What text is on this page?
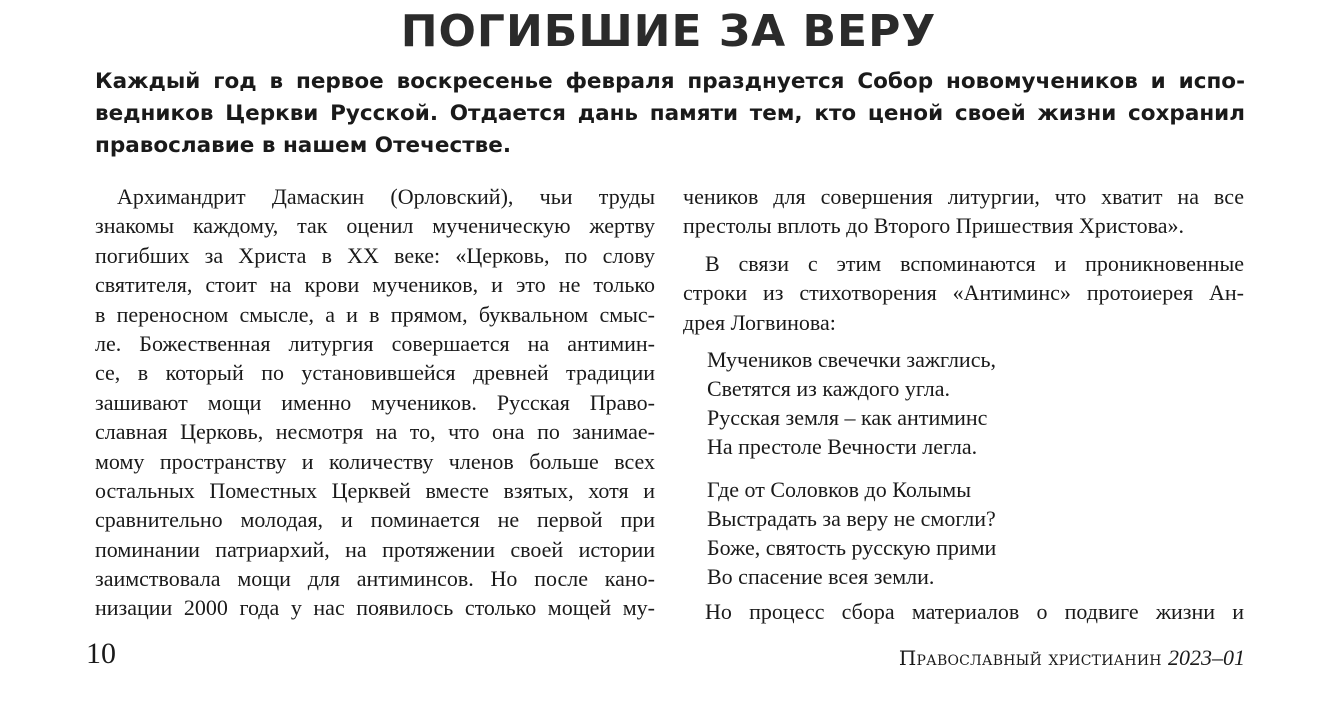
ПОГИБШИЕ ЗА ВЕРУ
Каждый год в первое воскресенье февраля празднуется Собор новомучеников и испо-
ведников Церкви Русской. Отдается дань памяти тем, кто ценой своей жизни сохранил
православие в нашем Отечестве.
Архимандрит Дамаскин (Орловский), чьи труды
знакомы каждому, так оценил мученическую жертву
погибших за Христа в XX веке: «Церковь, по слову
святителя, стоит на крови мучеников, и это не только
в переносном смысле, а и в прямом, буквальном смыс-
ле. Божественная литургия совершается на антимин-
се, в который по установившейся древней традиции
зашивают мощи именно мучеников. Русская Право-
славная Церковь, несмотря на то, что она по занимае-
мому пространству и количеству членов больше всех
остальных Поместных Церквей вместе взятых, хотя и
сравнительно молодая, и поминается не первой при
поминании патриархий, на протяжении своей истории
заимствовала мощи для антиминсов. Но после кано-
низации 2000 года у нас появилось столько мощей му-
чеников для совершения литургии, что хватит на все
престолы вплоть до Второго Пришествия Христова».
В связи с этим вспоминаются и проникновенные
строки из стихотворения «Антиминс» протоиерея Ан-
дрея Логвинова:
Мучеников свечечки зажглись,
Светятся из каждого угла.
Русская земля – как антиминс
На престоле Вечности легла.
Где от Соловков до Колымы
Выстрадать за веру не смогли?
Боже, святость русскую прими
Во спасение всея земли.
Но процесс сбора материалов о подвиге жизни и
10	Православный христианин 2023–01
